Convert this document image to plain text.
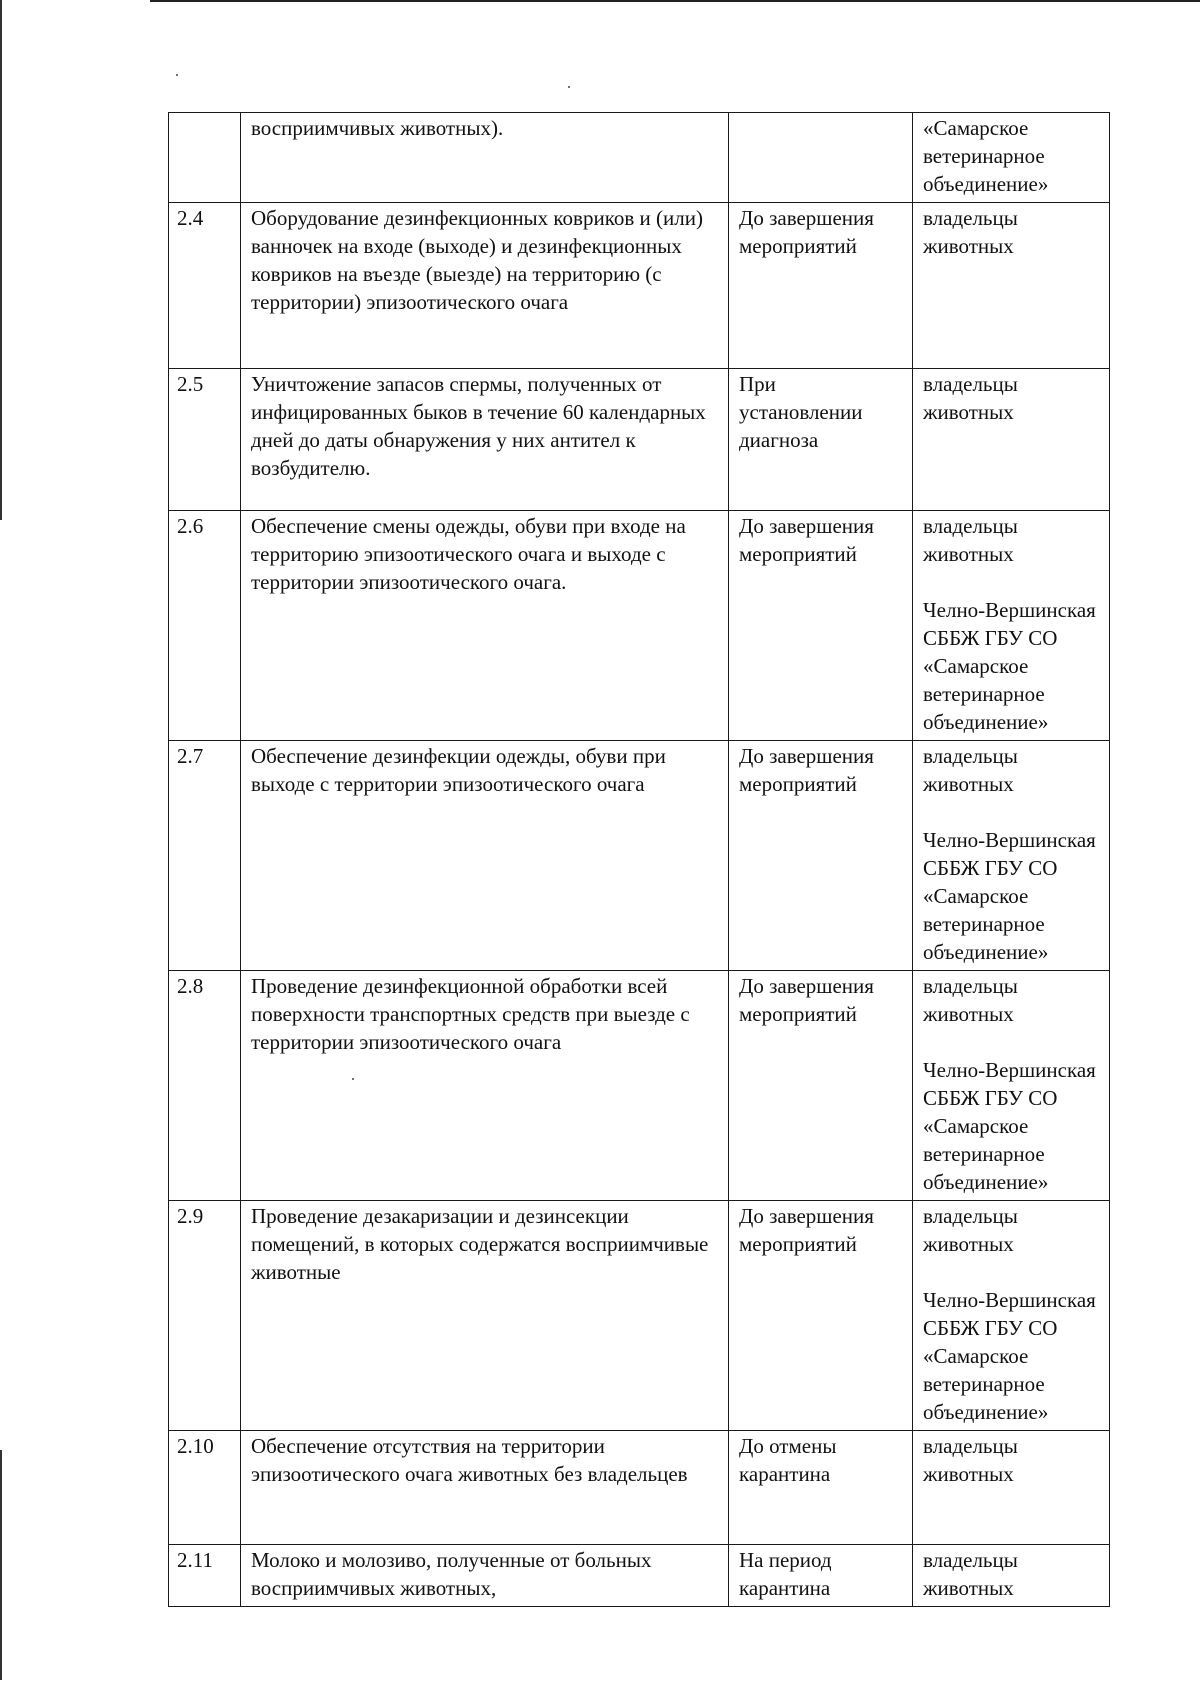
	восприимчивых животных).		«Самарское ветеринарное объединение»

2.4	Оборудование дезинфекционных ковриков и (или) ванночек на входе (выходе) и дезинфекционных ковриков на въезде (выезде) на территорию (с территории) эпизоотического очага	До завершения мероприятий	владельцы животных

2.5	Уничтожение запасов спермы, полученных от инфицированных быков в течение 60 календарных дней до даты обнаружения у них антител к возбудителю.	При установлении диагноза	владельцы животных

2.6	Обеспечение смены одежды, обуви при входе на территорию эпизоотического очага и выходе с территории эпизоотического очага.	До завершения мероприятий	владельцы животных
Челно-Вершинская СББЖ ГБУ СО «Самарское ветеринарное объединение»

2.7	Обеспечение дезинфекции одежды, обуви при выходе с территории эпизоотического очага	До завершения мероприятий	владельцы животных
Челно-Вершинская СББЖ ГБУ СО «Самарское ветеринарное объединение»

2.8	Проведение дезинфекционной обработки всей поверхности транспортных средств при выезде с территории эпизоотического очага	До завершения мероприятий	владельцы животных
Челно-Вершинская СББЖ ГБУ СО «Самарское ветеринарное объединение»

2.9	Проведение дезакаризации и дезинсекции помещений, в которых содержатся восприимчивые животные	До завершения мероприятий	владельцы животных
Челно-Вершинская СББЖ ГБУ СО «Самарское ветеринарное объединение»

2.10	Обеспечение отсутствия на территории эпизоотического очага животных без владельцев	До отмены карантина	владельцы животных

2.11	Молоко и молозиво, полученные от больных восприимчивых животных,	На период карантина	владельцы животных
